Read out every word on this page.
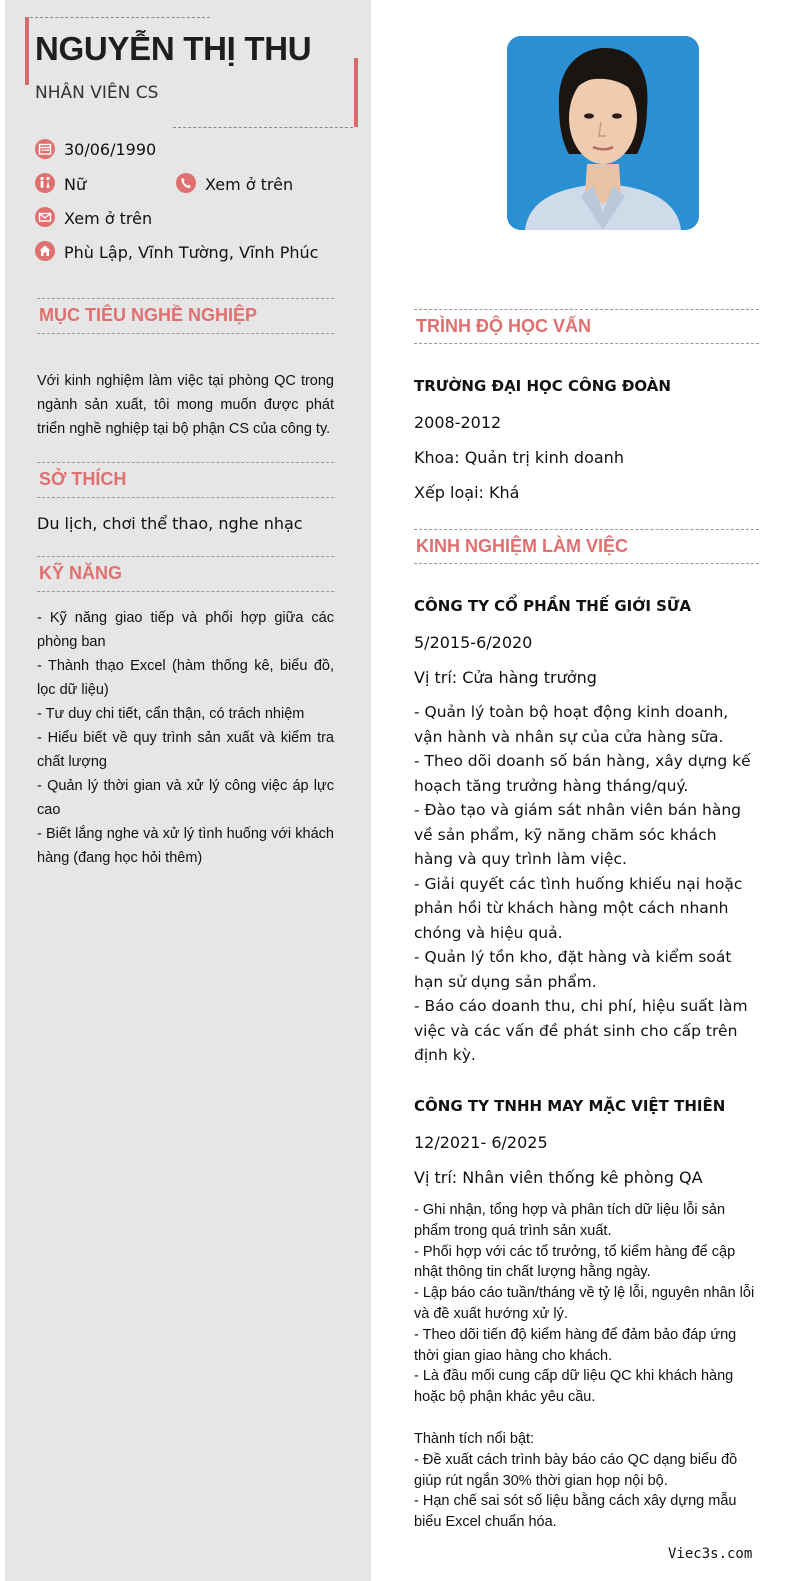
NGUYỄN THỊ THU
NHÂN VIÊN CS
30/06/1990
Nữ	Xem ở trên
Xem ở trên
Phù Lập, Vĩnh Tường, Vĩnh Phúc
MỤC TIÊU NGHỀ NGHIỆP
Với kinh nghiệm làm việc tại phòng QC trong ngành sản xuất, tôi mong muốn được phát triển nghề nghiệp tại bộ phận CS của công ty.
SỞ THÍCH
Du lịch, chơi thể thao, nghe nhạc
KỸ NĂNG
- Kỹ năng giao tiếp và phối hợp giữa các phòng ban
- Thành thạo Excel (hàm thống kê, biểu đồ, lọc dữ liệu)
- Tư duy chi tiết, cẩn thận, có trách nhiệm
- Hiểu biết về quy trình sản xuất và kiểm tra chất lượng
- Quản lý thời gian và xử lý công việc áp lực cao
- Biết lắng nghe và xử lý tình huống với khách hàng (đang học hỏi thêm)
TRÌNH ĐỘ HỌC VẤN
TRƯỜNG ĐẠI HỌC CÔNG ĐOÀN
2008-2012
Khoa: Quản trị kinh doanh
Xếp loại: Khá
KINH NGHIỆM LÀM VIỆC
CÔNG TY CỔ PHẦN THẾ GIỚI SỮA
5/2015-6/2020
Vị trí: Cửa hàng trưởng
- Quản lý toàn bộ hoạt động kinh doanh, vận hành và nhân sự của cửa hàng sữa.
- Theo dõi doanh số bán hàng, xây dựng kế hoạch tăng trưởng hàng tháng/quý.
- Đào tạo và giám sát nhân viên bán hàng về sản phẩm, kỹ năng chăm sóc khách hàng và quy trình làm việc.
- Giải quyết các tình huống khiếu nại hoặc phản hồi từ khách hàng một cách nhanh chóng và hiệu quả.
- Quản lý tồn kho, đặt hàng và kiểm soát hạn sử dụng sản phẩm.
- Báo cáo doanh thu, chi phí, hiệu suất làm việc và các vấn đề phát sinh cho cấp trên định kỳ.
CÔNG TY TNHH MAY MẶC VIỆT THIÊN
12/2021- 6/2025
Vị trí: Nhân viên thống kê phòng QA
- Ghi nhận, tổng hợp và phân tích dữ liệu lỗi sản phẩm trong quá trình sản xuất.
- Phối hợp với các tổ trưởng, tổ kiểm hàng để cập nhật thông tin chất lượng hằng ngày.
- Lập báo cáo tuần/tháng về tỷ lệ lỗi, nguyên nhân lỗi và đề xuất hướng xử lý.
- Theo dõi tiến độ kiểm hàng để đảm bảo đáp ứng thời gian giao hàng cho khách.
- Là đầu mối cung cấp dữ liệu QC khi khách hàng hoặc bộ phận khác yêu cầu.
Thành tích nổi bật:
- Đề xuất cách trình bày báo cáo QC dạng biểu đồ giúp rút ngắn 30% thời gian họp nội bộ.
- Hạn chế sai sót số liệu bằng cách xây dựng mẫu biểu Excel chuẩn hóa.
Viec3s.com
